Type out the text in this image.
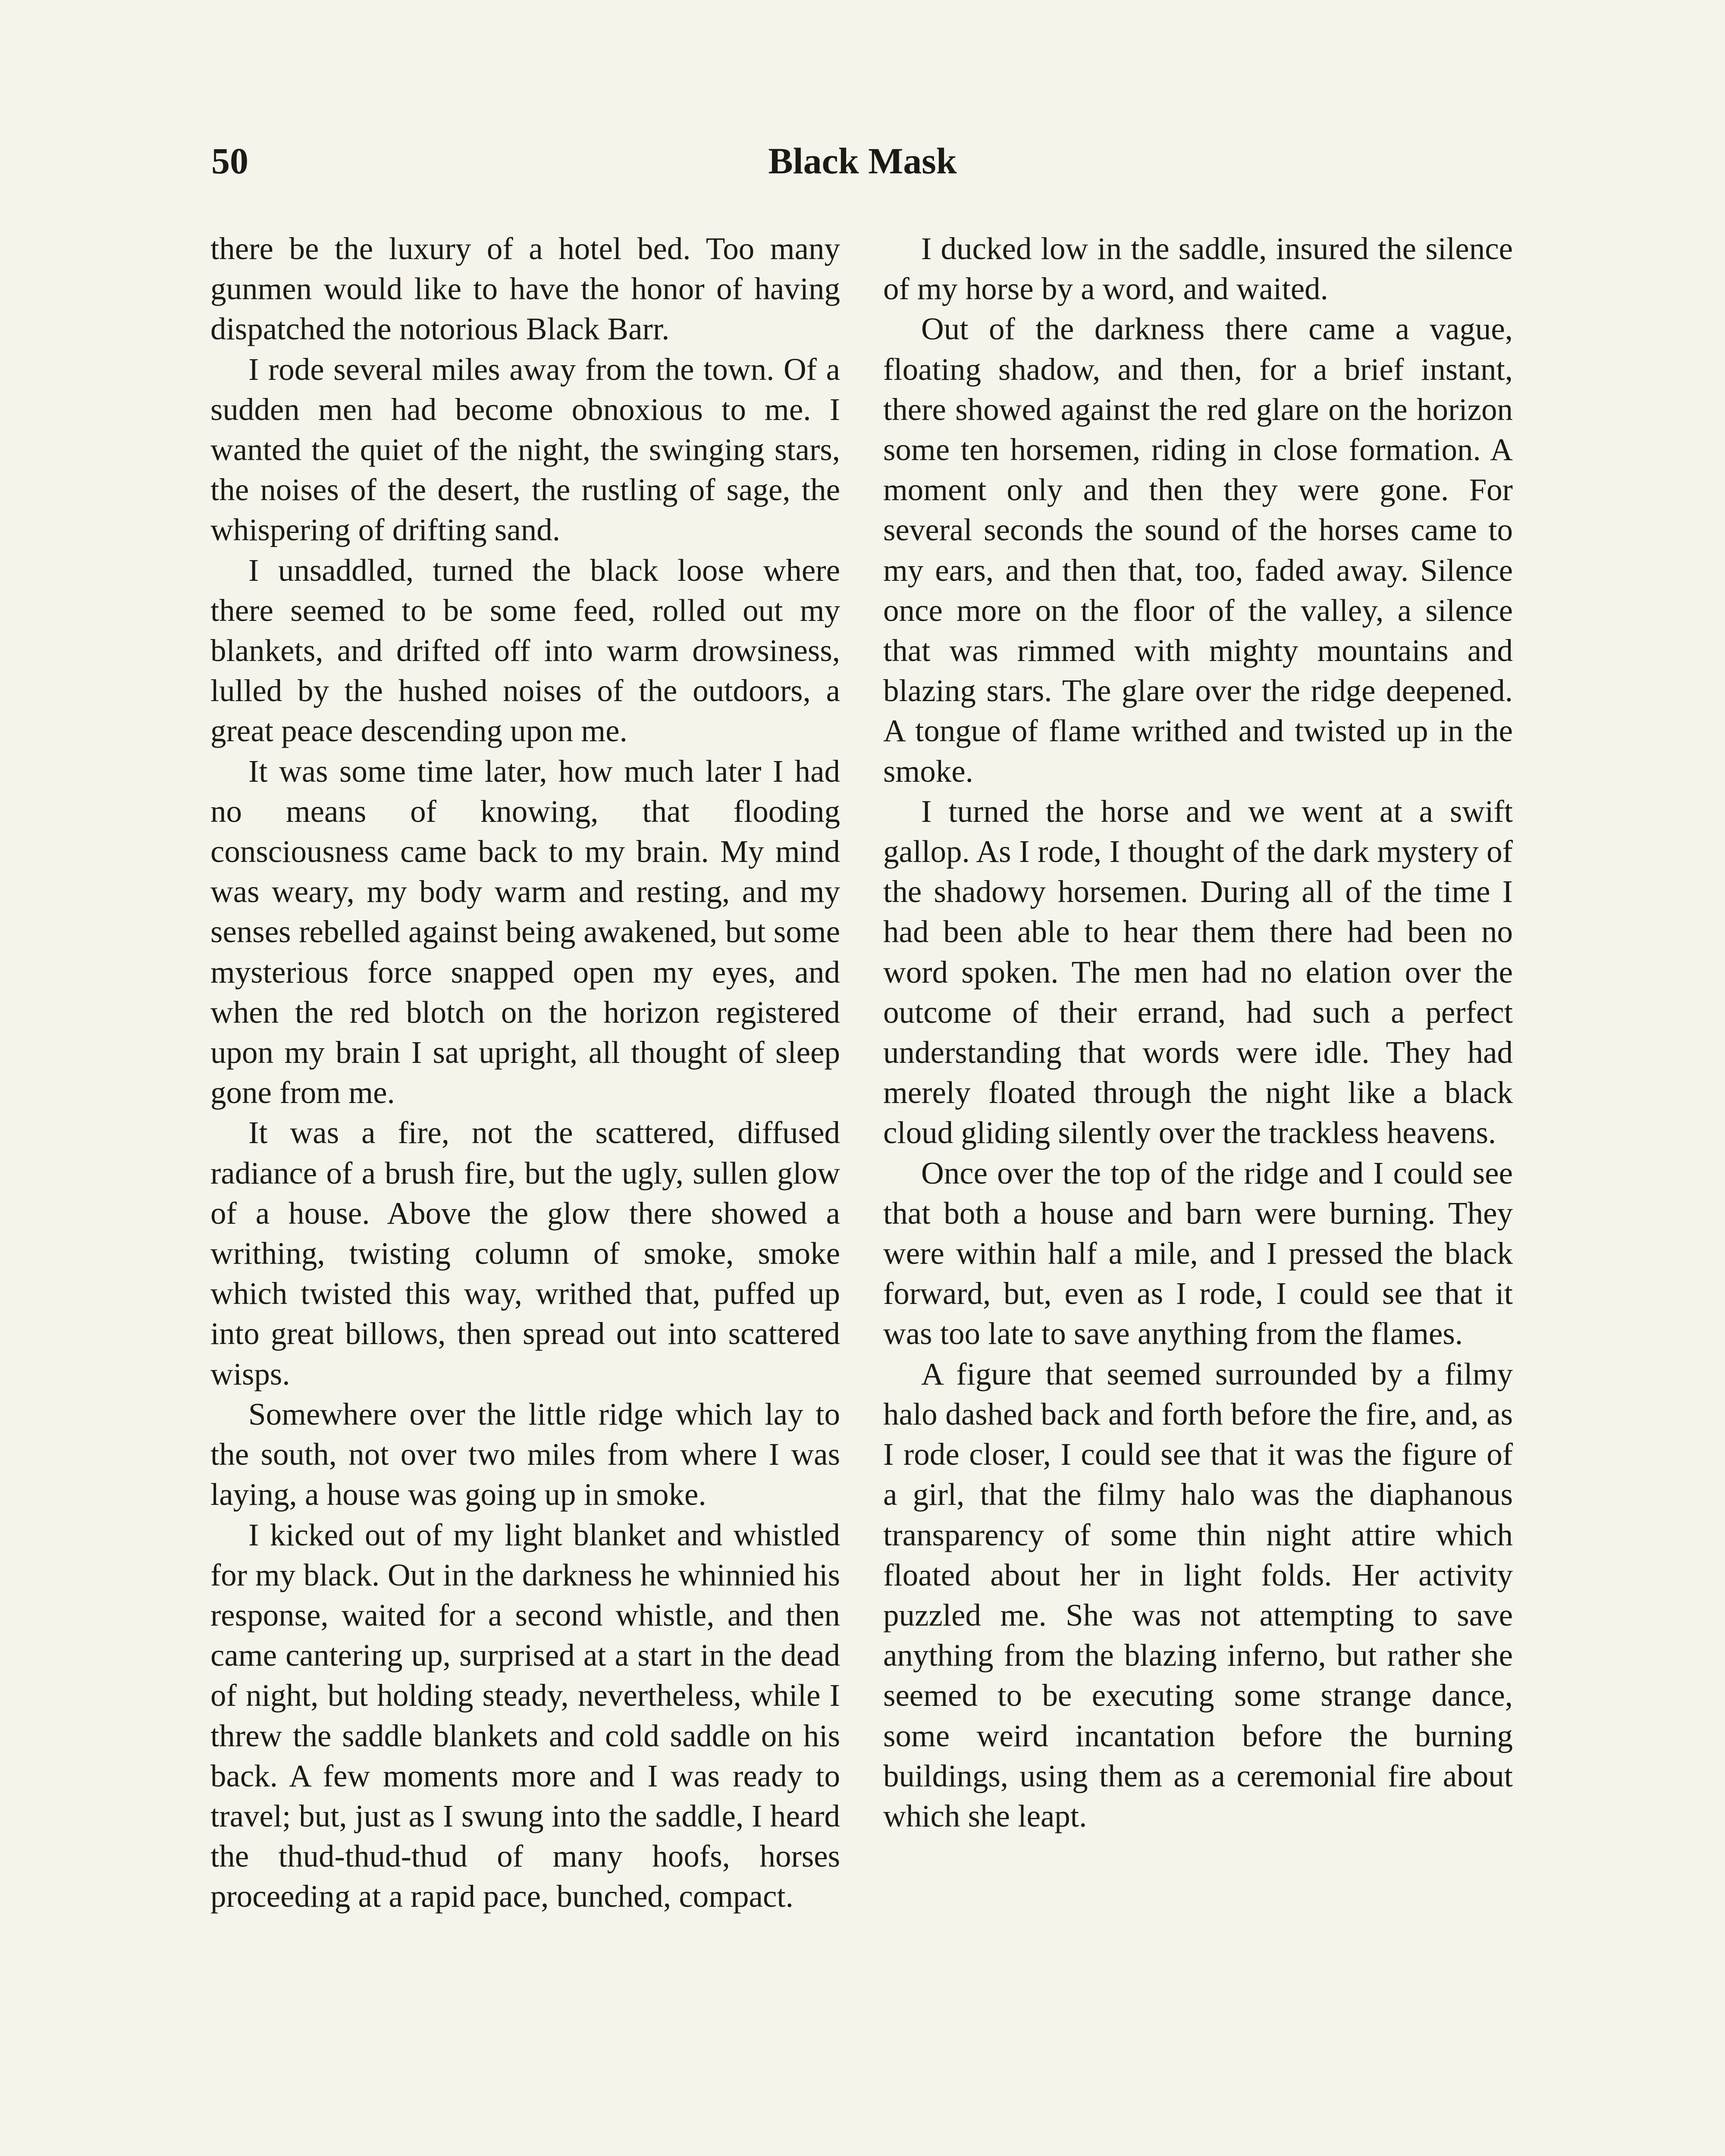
50	Black Mask

there be the luxury of a hotel bed. Too many gunmen would like to have the honor of having dispatched the notorious Black Barr.

I rode several miles away from the town. Of a sudden men had become obnoxious to me. I wanted the quiet of the night, the swinging stars, the noises of the desert, the rustling of sage, the whispering of drifting sand.

I unsaddled, turned the black loose where there seemed to be some feed, rolled out my blankets, and drifted off into warm drowsiness, lulled by the hushed noises of the outdoors, a great peace descending upon me.

It was some time later, how much later I had no means of knowing, that flooding consciousness came back to my brain. My mind was weary, my body warm and resting, and my senses rebelled against being awakened, but some mysterious force snapped open my eyes, and when the red blotch on the horizon registered upon my brain I sat upright, all thought of sleep gone from me.

It was a fire, not the scattered, diffused radiance of a brush fire, but the ugly, sullen glow of a house. Above the glow there showed a writhing, twisting column of smoke, smoke which twisted this way, writhed that, puffed up into great billows, then spread out into scattered wisps.

Somewhere over the little ridge which lay to the south, not over two miles from where I was laying, a house was going up in smoke.

I kicked out of my light blanket and whistled for my black. Out in the darkness he whinnied his response, waited for a second whistle, and then came cantering up, surprised at a start in the dead of night, but holding steady, nevertheless, while I threw the saddle blankets and cold saddle on his back. A few moments more and I was ready to travel; but, just as I swung into the saddle, I heard the thud-thud-thud of many hoofs, horses proceeding at a rapid pace, bunched, compact.

I ducked low in the saddle, insured the silence of my horse by a word, and waited.

Out of the darkness there came a vague, floating shadow, and then, for a brief instant, there showed against the red glare on the horizon some ten horsemen, riding in close formation. A moment only and then they were gone. For several seconds the sound of the horses came to my ears, and then that, too, faded away. Silence once more on the floor of the valley, a silence that was rimmed with mighty mountains and blazing stars. The glare over the ridge deepened. A tongue of flame writhed and twisted up in the smoke.

I turned the horse and we went at a swift gallop. As I rode, I thought of the dark mystery of the shadowy horsemen. During all of the time I had been able to hear them there had been no word spoken. The men had no elation over the outcome of their errand, had such a perfect understanding that words were idle. They had merely floated through the night like a black cloud gliding silently over the trackless heavens.

Once over the top of the ridge and I could see that both a house and barn were burning. They were within half a mile, and I pressed the black forward, but, even as I rode, I could see that it was too late to save anything from the flames.

A figure that seemed surrounded by a filmy halo dashed back and forth before the fire, and, as I rode closer, I could see that it was the figure of a girl, that the filmy halo was the diaphanous transparency of some thin night attire which floated about her in light folds. Her activity puzzled me. She was not attempting to save anything from the blazing inferno, but rather she seemed to be executing some strange dance, some weird incantation before the burning buildings, using them as a ceremonial fire about which she leapt.
